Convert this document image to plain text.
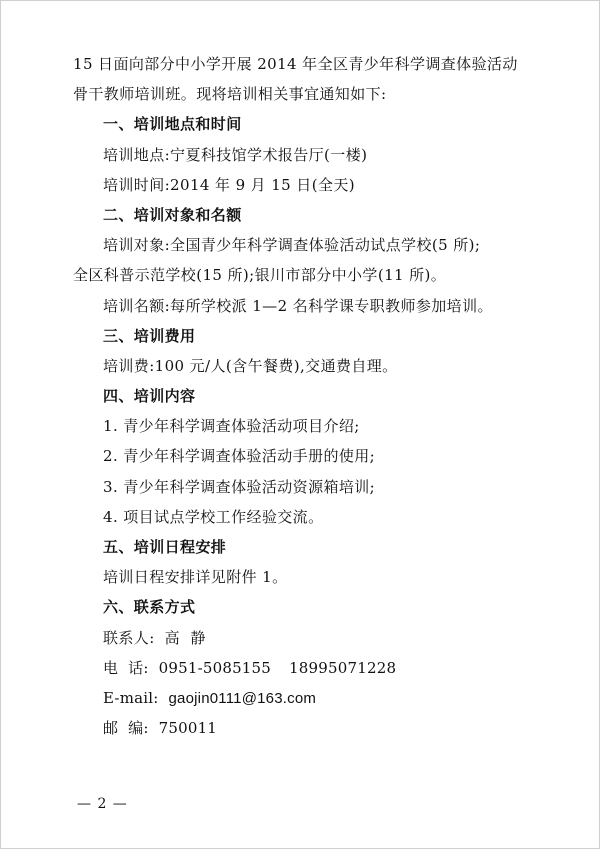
15 日面向部分中小学开展 2014 年全区青少年科学调查体验活动
骨干教师培训班。现将培训相关事宜通知如下:
一、培训地点和时间
培训地点:宁夏科技馆学术报告厅(一楼)
培训时间:2014 年 9 月 15 日(全天)
二、培训对象和名额
培训对象:全国青少年科学调查体验活动试点学校(5 所);
全区科普示范学校(15 所);银川市部分中小学(11 所)。
培训名额:每所学校派 1—2 名科学课专职教师参加培训。
三、培训费用
培训费:100 元/人(含午餐费),交通费自理。
四、培训内容
1. 青少年科学调查体验活动项目介绍;
2. 青少年科学调查体验活动手册的使用;
3. 青少年科学调查体验活动资源箱培训;
4. 项目试点学校工作经验交流。
五、培训日程安排
培训日程安排详见附件 1。
六、联系方式
联系人: 高  静
电  话: 0951-5085155 18995071228
E-mail: gaojin0111@163.com
邮  编: 750011
— 2 —
